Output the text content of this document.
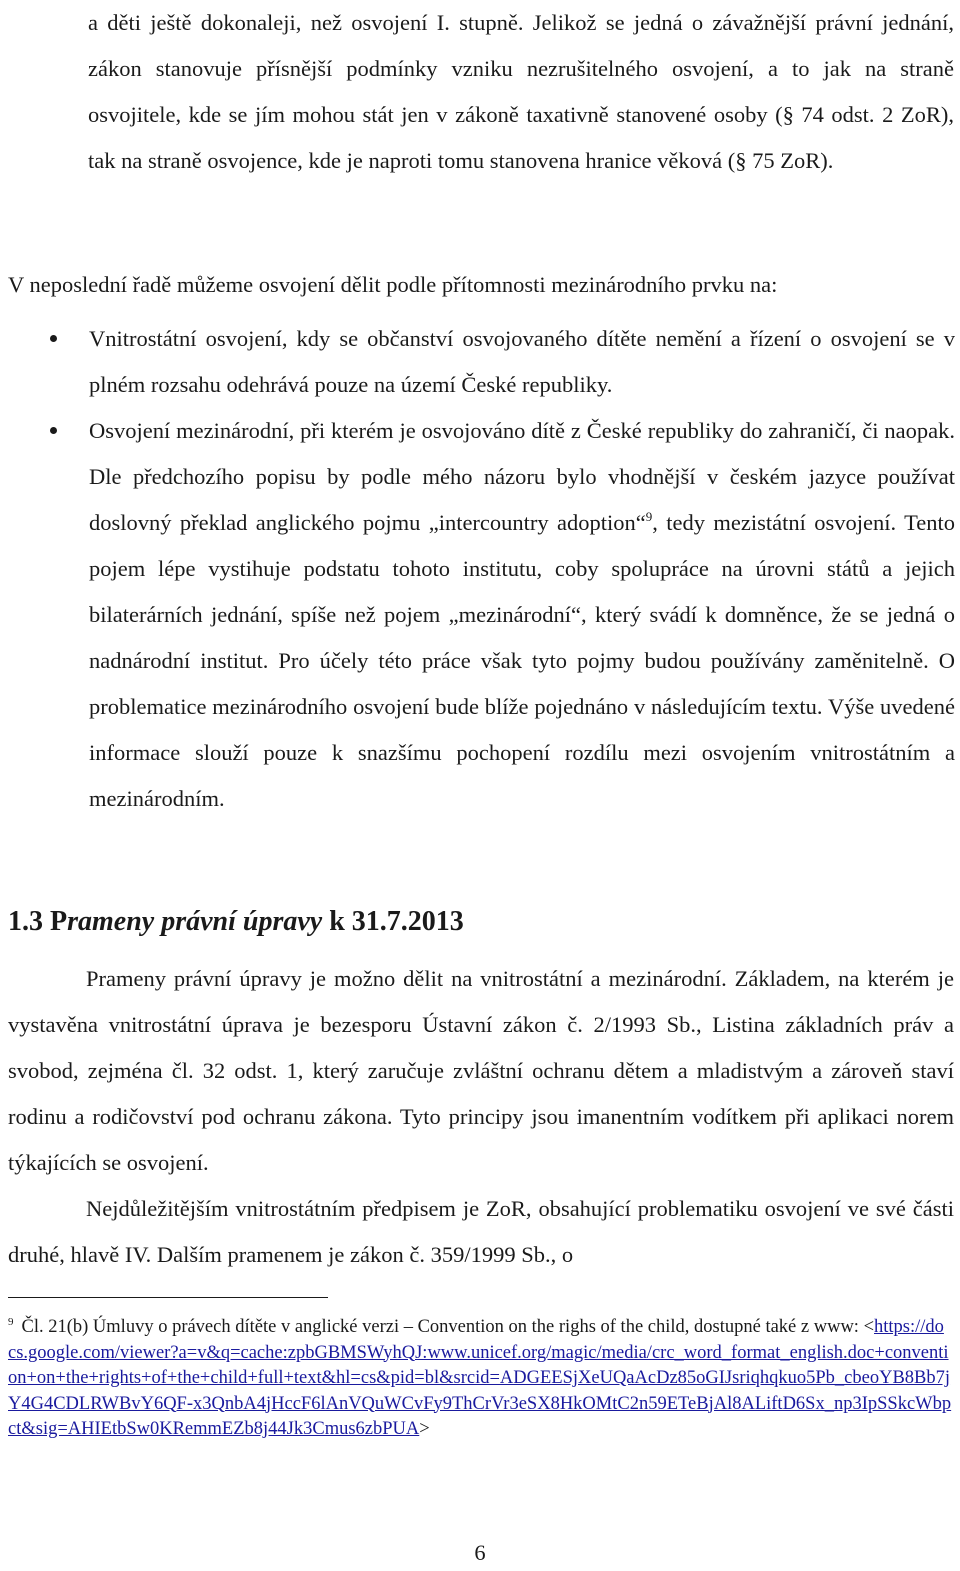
a děti ještě dokonaleji, než osvojení I. stupně. Jelikož se jedná o závažnější právní jednání, zákon stanovuje přísnější podmínky vzniku nezrušitelného osvojení, a to jak na straně osvojitele, kde se jím mohou stát jen v zákoně taxativně stanovené osoby (§ 74 odst. 2 ZoR), tak na straně osvojence, kde je naproti tomu stanovena hranice věková (§ 75 ZoR).

V neposlední řadě můžeme osvojení dělit podle přítomnosti mezinárodního prvku na:

Vnitrostátní osvojení, kdy se občanství osvojovaného dítěte nemění a řízení o osvojení se v plném rozsahu odehrává pouze na území České republiky.
Osvojení mezinárodní, při kterém je osvojováno dítě z České republiky do zahraničí, či naopak. Dle předchozího popisu by podle mého názoru bylo vhodnější v českém jazyce používat doslovný překlad anglického pojmu „intercountry adoption“$^9$, tedy mezistátní osvojení. Tento pojem lépe vystihuje podstatu tohoto institutu, coby spolupráce na úrovni států a jejich bilaterárních jednání, spíše než pojem „mezinárodní“, který svádí k domněnce, že se jedná o nadnárodní institut. Pro účely této práce však tyto pojmy budou používány zaměnitelně. O problematice mezinárodního osvojení bude blíže pojednáno v následujícím textu. Výše uvedené informace slouží pouze k snazšímu pochopení rozdílu mezi osvojením vnitrostátním a mezinárodním.
1.3 Prameny právní úpravy k 31.7.2013

Prameny právní úpravy je možno dělit na vnitrostátní a mezinárodní. Základem, na kterém je vystavěna vnitrostátní úprava je bezesporu Ústavní zákon č. 2/1993 Sb., Listina základních práv a svobod, zejména čl. 32 odst. 1, který zaručuje zvláštní ochranu dětem a mladistvým a zároveň staví rodinu a rodičovství pod ochranu zákona. Tyto principy jsou imanentním vodítkem při aplikaci norem týkajících se osvojení.

Nejdůležitějším vnitrostátním předpisem je ZoR, obsahující problematiku osvojení ve své části druhé, hlavě IV. Dalším pramenem je zákon č. 359/1999 Sb., o

$^9$ Čl. 21(b) Úmluvy o právech dítěte v anglické verzi – Convention on the righs of the child, dostupné také z www: <https://docs.google.com/viewer?a=v&q=cache:zpbGBMSWyhQJ:www.unicef.org/magic/media/crc_word_format_english.doc+convention+on+the+rights+of+the+child+full+text&hl=cs&pid=bl&srcid=ADGEESjXeUQaAcDz85oGIJsriqhqkuo5Pb_cbeoYB8Bb7jY4G4CDLRWBvY6QF-x3QnbA4jHccF6lAnVQuWCvFy9ThCrVr3eSX8HkOMtC2n59ETeBjAl8ALiftD6Sx_np3IpSSkcWbpct&sig=AHIEtbSw0KRemmEZb8j44Jk3Cmus6zbPUA>

6
